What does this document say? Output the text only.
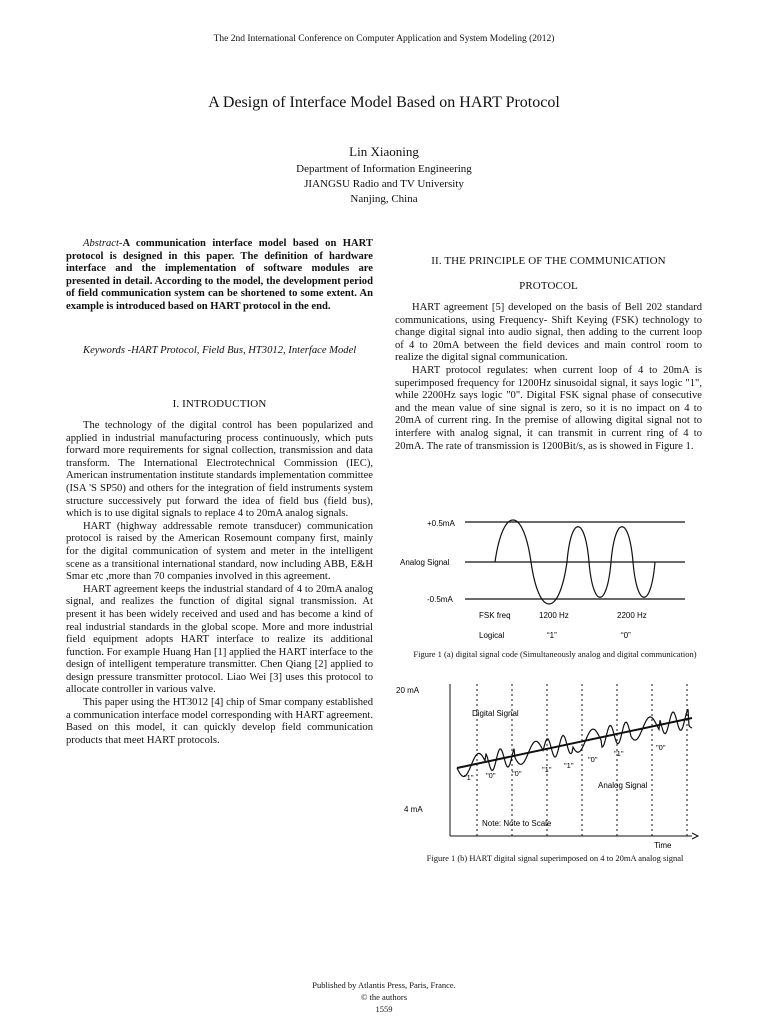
The 2nd International Conference on Computer Application and System Modeling (2012)
A Design of Interface Model Based on HART Protocol
Lin Xiaoning
Department of Information Engineering
JIANGSU Radio and TV University
Nanjing, China

Abstract-A communication interface model based on HART protocol is designed in this paper. The definition of hardware interface and the implementation of software modules are presented in detail. According to the model, the development period of field communication system can be shortened to some extent. An example is introduced based on HART protocol in the end.

Keywords -HART Protocol, Field Bus, HT3012, Interface Model

I. INTRODUCTION

The technology of the digital control has been popularized and applied in industrial manufacturing process continuously, which puts forward more requirements for signal collection, transmission and data transform. The International Electrotechnical Commission (IEC), American instrumentation institute standards implementation committee (ISA 'S SP50) and others for the integration of field instruments system structure successively put forward the idea of field bus (field bus), which is to use digital signals to replace 4 to 20mA analog signals.

HART (highway addressable remote transducer) communication protocol is raised by the American Rosemount company first, mainly for the digital communication of system and meter in the intelligent scene as a transitional international standard, now including ABB, E&H Smar etc ,more than 70 companies involved in this agreement.

HART agreement keeps the industrial standard of 4 to 20mA analog signal, and realizes the function of digital signal transmission. At present it has been widely received and used and has become a kind of real industrial standards in the global scope. More and more industrial field equipment adopts HART interface to realize its additional function. For example Huang Han [1] applied the HART interface to the design of intelligent temperature transmitter. Chen Qiang [2] applied to design pressure transmitter protocol. Liao Wei [3] uses this protocol to allocate controller in various valve.

This paper using the HT3012 [4] chip of Smar company established a communication interface model corresponding with HART agreement. Based on this model, it can quickly develop field communication products that meet HART protocols.

II. THE PRINCIPLE OF THE COMMUNICATION
PROTOCOL

HART agreement [5] developed on the basis of Bell 202 standard communications, using Frequency- Shift Keying (FSK) technology to change digital signal into audio signal, then adding to the current loop of 4 to 20mA between the field devices and main control room to realize the digital signal communication.

HART protocol regulates: when current loop of 4 to 20mA is superimposed frequency for 1200Hz sinusoidal signal, it says logic "1", while 2200Hz says logic "0". Digital FSK signal phase of consecutive and the mean value of sine signal is zero, so it is no impact on 4 to 20mA of current ring. In the premise of allowing digital signal not to interfere with analog signal, it can transmit in current ring of 4 to 20mA. The rate of transmission is 1200Bit/s, as is showed in Figure 1.

+0.5mA
Analog Signal
-0.5mA
FSK freq	1200 Hz	2200 Hz
Logical	“1”	“0”
Figure 1 (a) digital signal code (Simultaneously analog and digital communication)
20 mA
4 mA
Digital Signal
Analog Signal
Note: Note to Scale
Time
"1" "0" "0"	"1" "1"
"0"
"1"
"0"
Figure 1 (b) HART digital signal superimposed on 4 to 20mA analog signal
Published by Atlantis Press, Paris, France.
© the authors
1559
